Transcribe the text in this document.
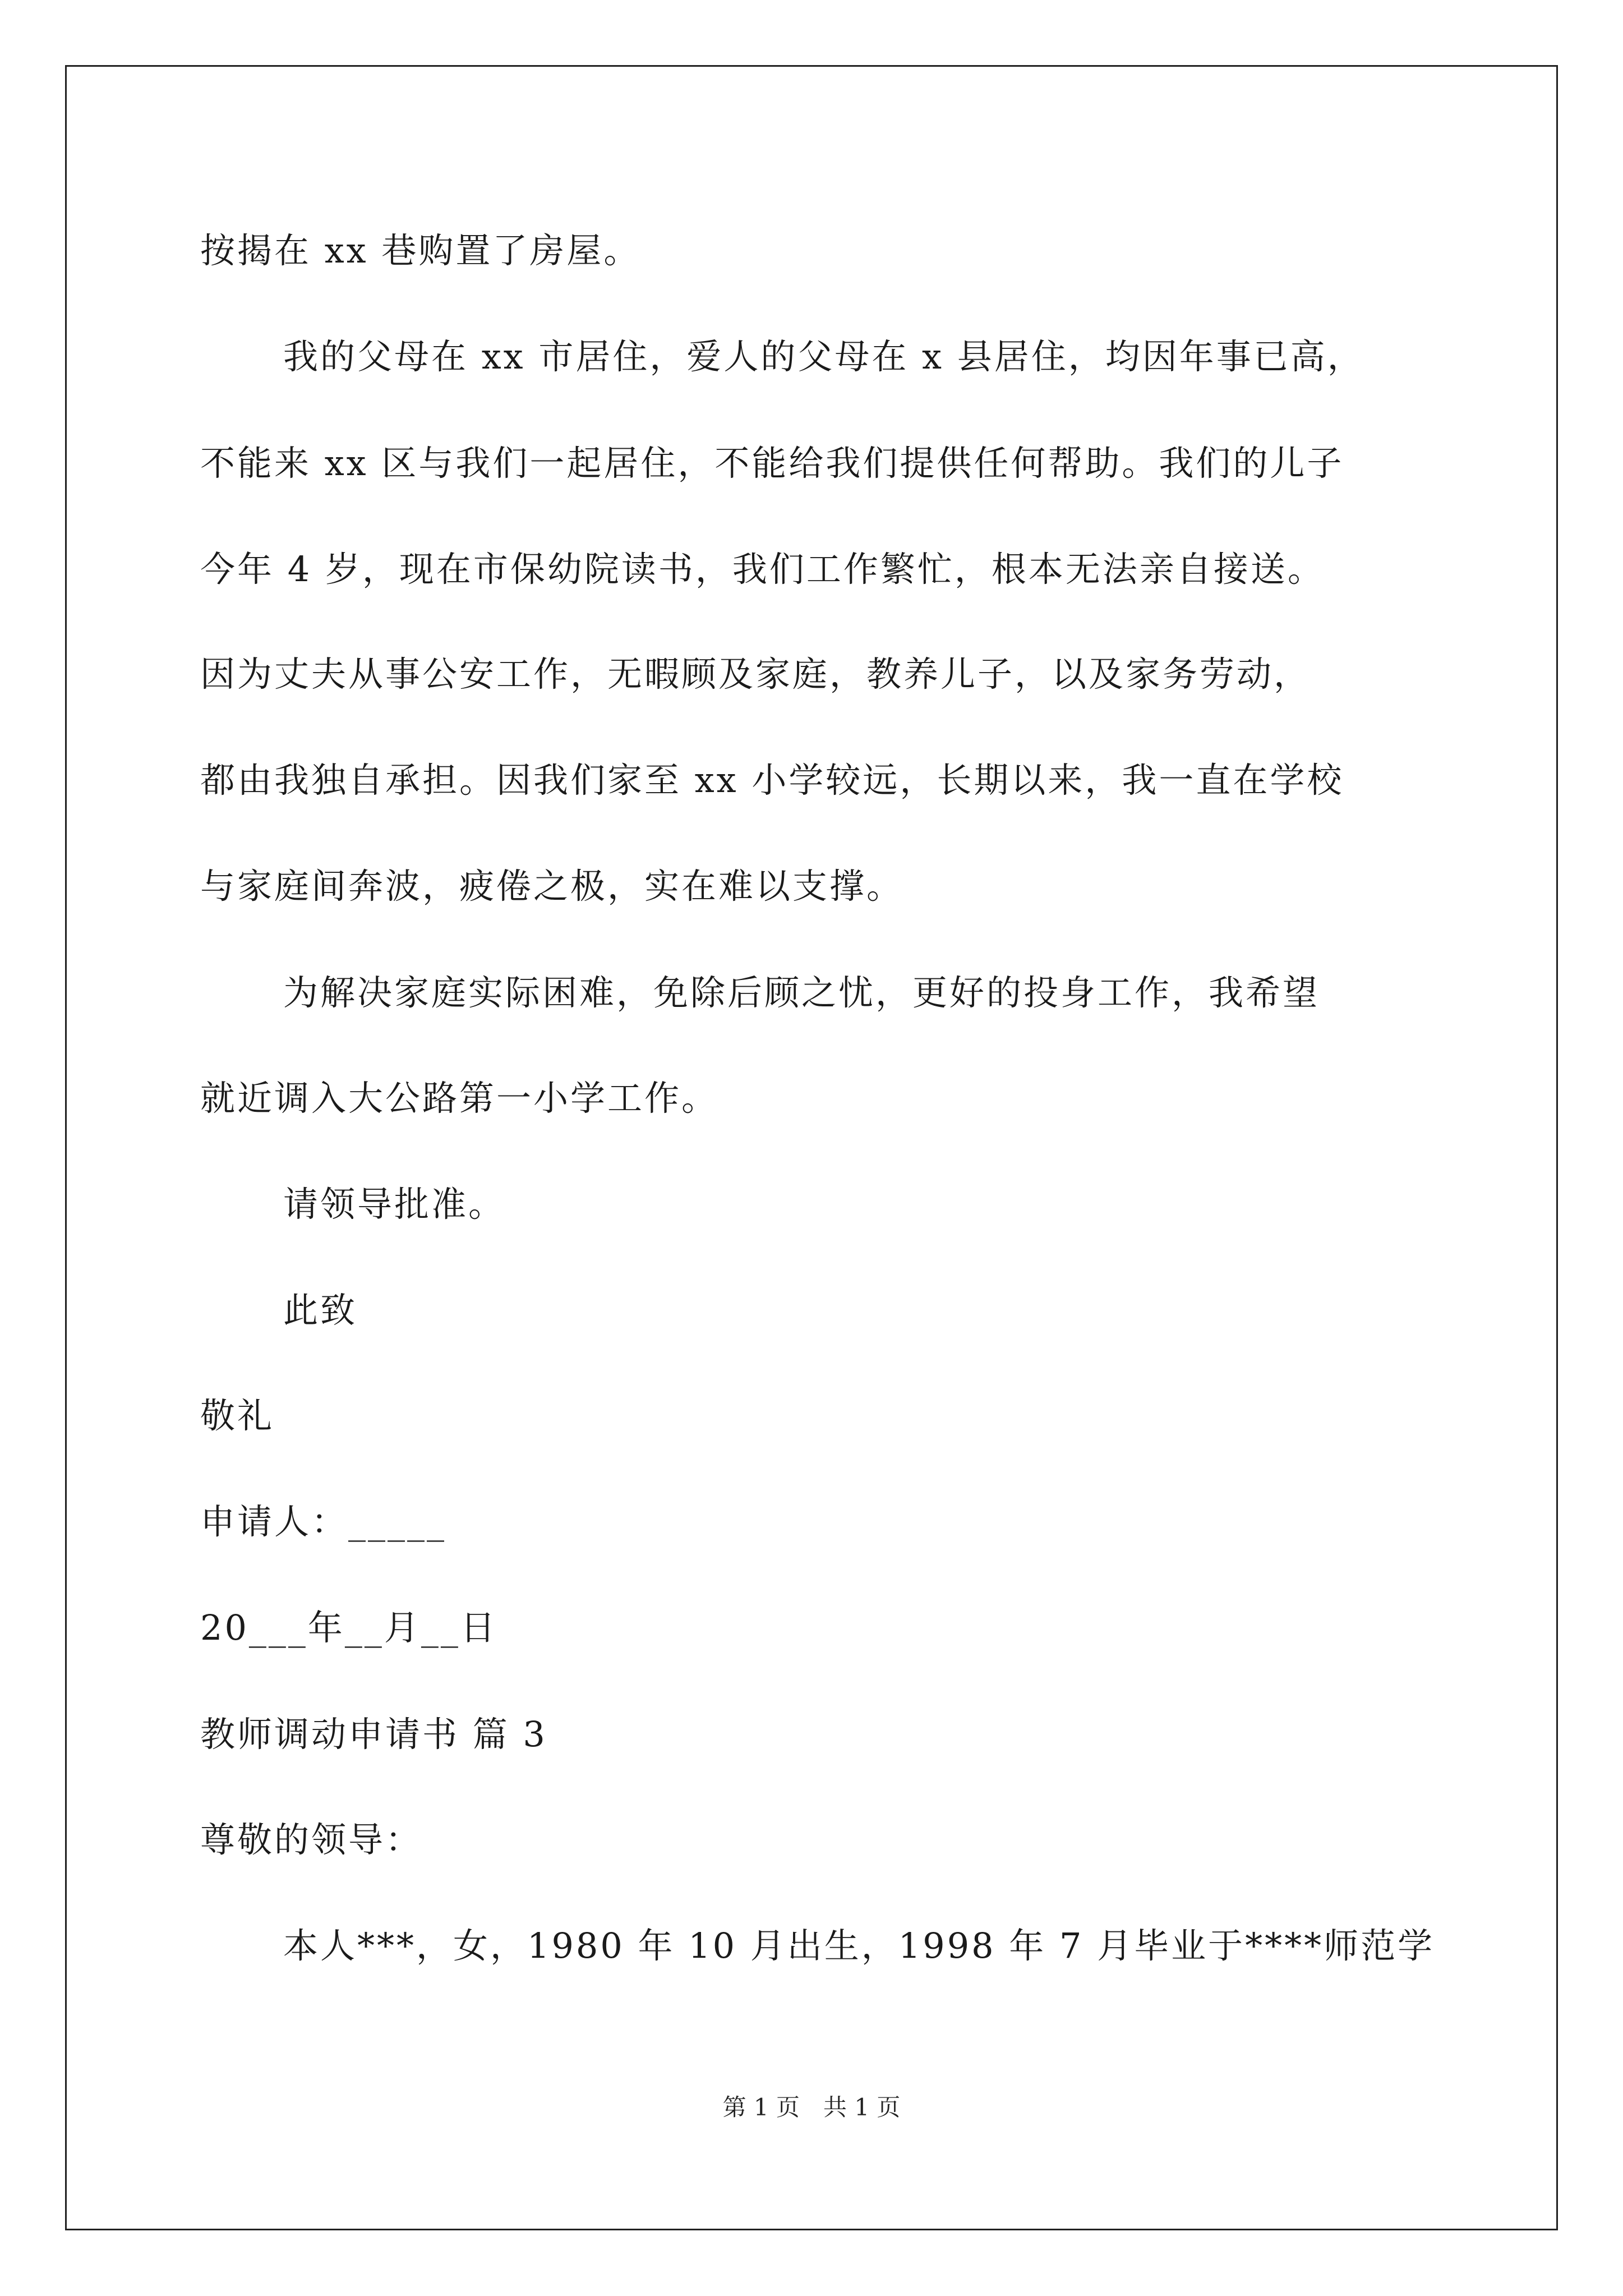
按揭在 xx 巷购置了房屋。
我的父母在 xx 市居住，爱人的父母在 x 县居住，均因年事已高，
不能来 xx 区与我们一起居住，不能给我们提供任何帮助。我们的儿子
今年 4 岁，现在市保幼院读书，我们工作繁忙，根本无法亲自接送。
因为丈夫从事公安工作，无暇顾及家庭，教养儿子，以及家务劳动，
都由我独自承担。因我们家至 xx 小学较远，长期以来，我一直在学校
与家庭间奔波，疲倦之极，实在难以支撑。
为解决家庭实际困难，免除后顾之忧，更好的投身工作，我希望
就近调入大公路第一小学工作。
请领导批准。
此致
敬礼
申请人：_____
20___年__月__日
教师调动申请书 篇 3
尊敬的领导：
本人***，女，1980 年 10 月出生，1998 年 7 月毕业于****师范学
第 1 页　共 1 页
